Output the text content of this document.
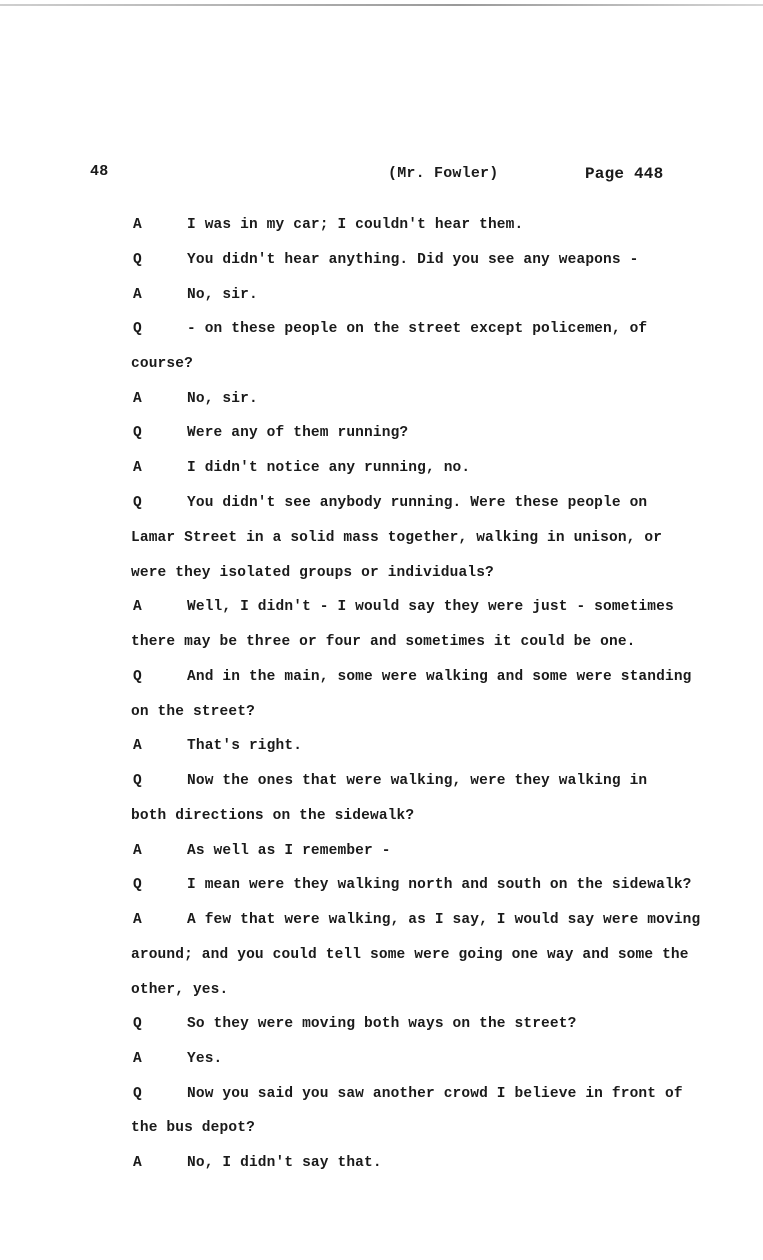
48	(Mr. Fowler)	Page 448
A	I was in my car; I couldn't hear them.
Q	You didn't hear anything. Did you see any weapons -
A	No, sir.
Q	- on these people on the street except policemen, of
course?
A	No, sir.
Q	Were any of them running?
A	I didn't notice any running, no.
Q	You didn't see anybody running. Were these people on
Lamar Street in a solid mass together, walking in unison, or
were they isolated groups or individuals?
A	Well, I didn't - I would say they were just - sometimes
there may be three or four and sometimes it could be one.
Q	And in the main, some were walking and some were standing
on the street?
A	That's right.
Q	Now the ones that were walking, were they walking in
both directions on the sidewalk?
A	As well as I remember -
Q	I mean were they walking north and south on the sidewalk?
A	A few that were walking, as I say, I would say were moving
around; and you could tell some were going one way and some the
other, yes.
Q	So they were moving both ways on the street?
A	Yes.
Q	Now you said you saw another crowd I believe in front of
the bus depot?
A	No, I didn't say that.
